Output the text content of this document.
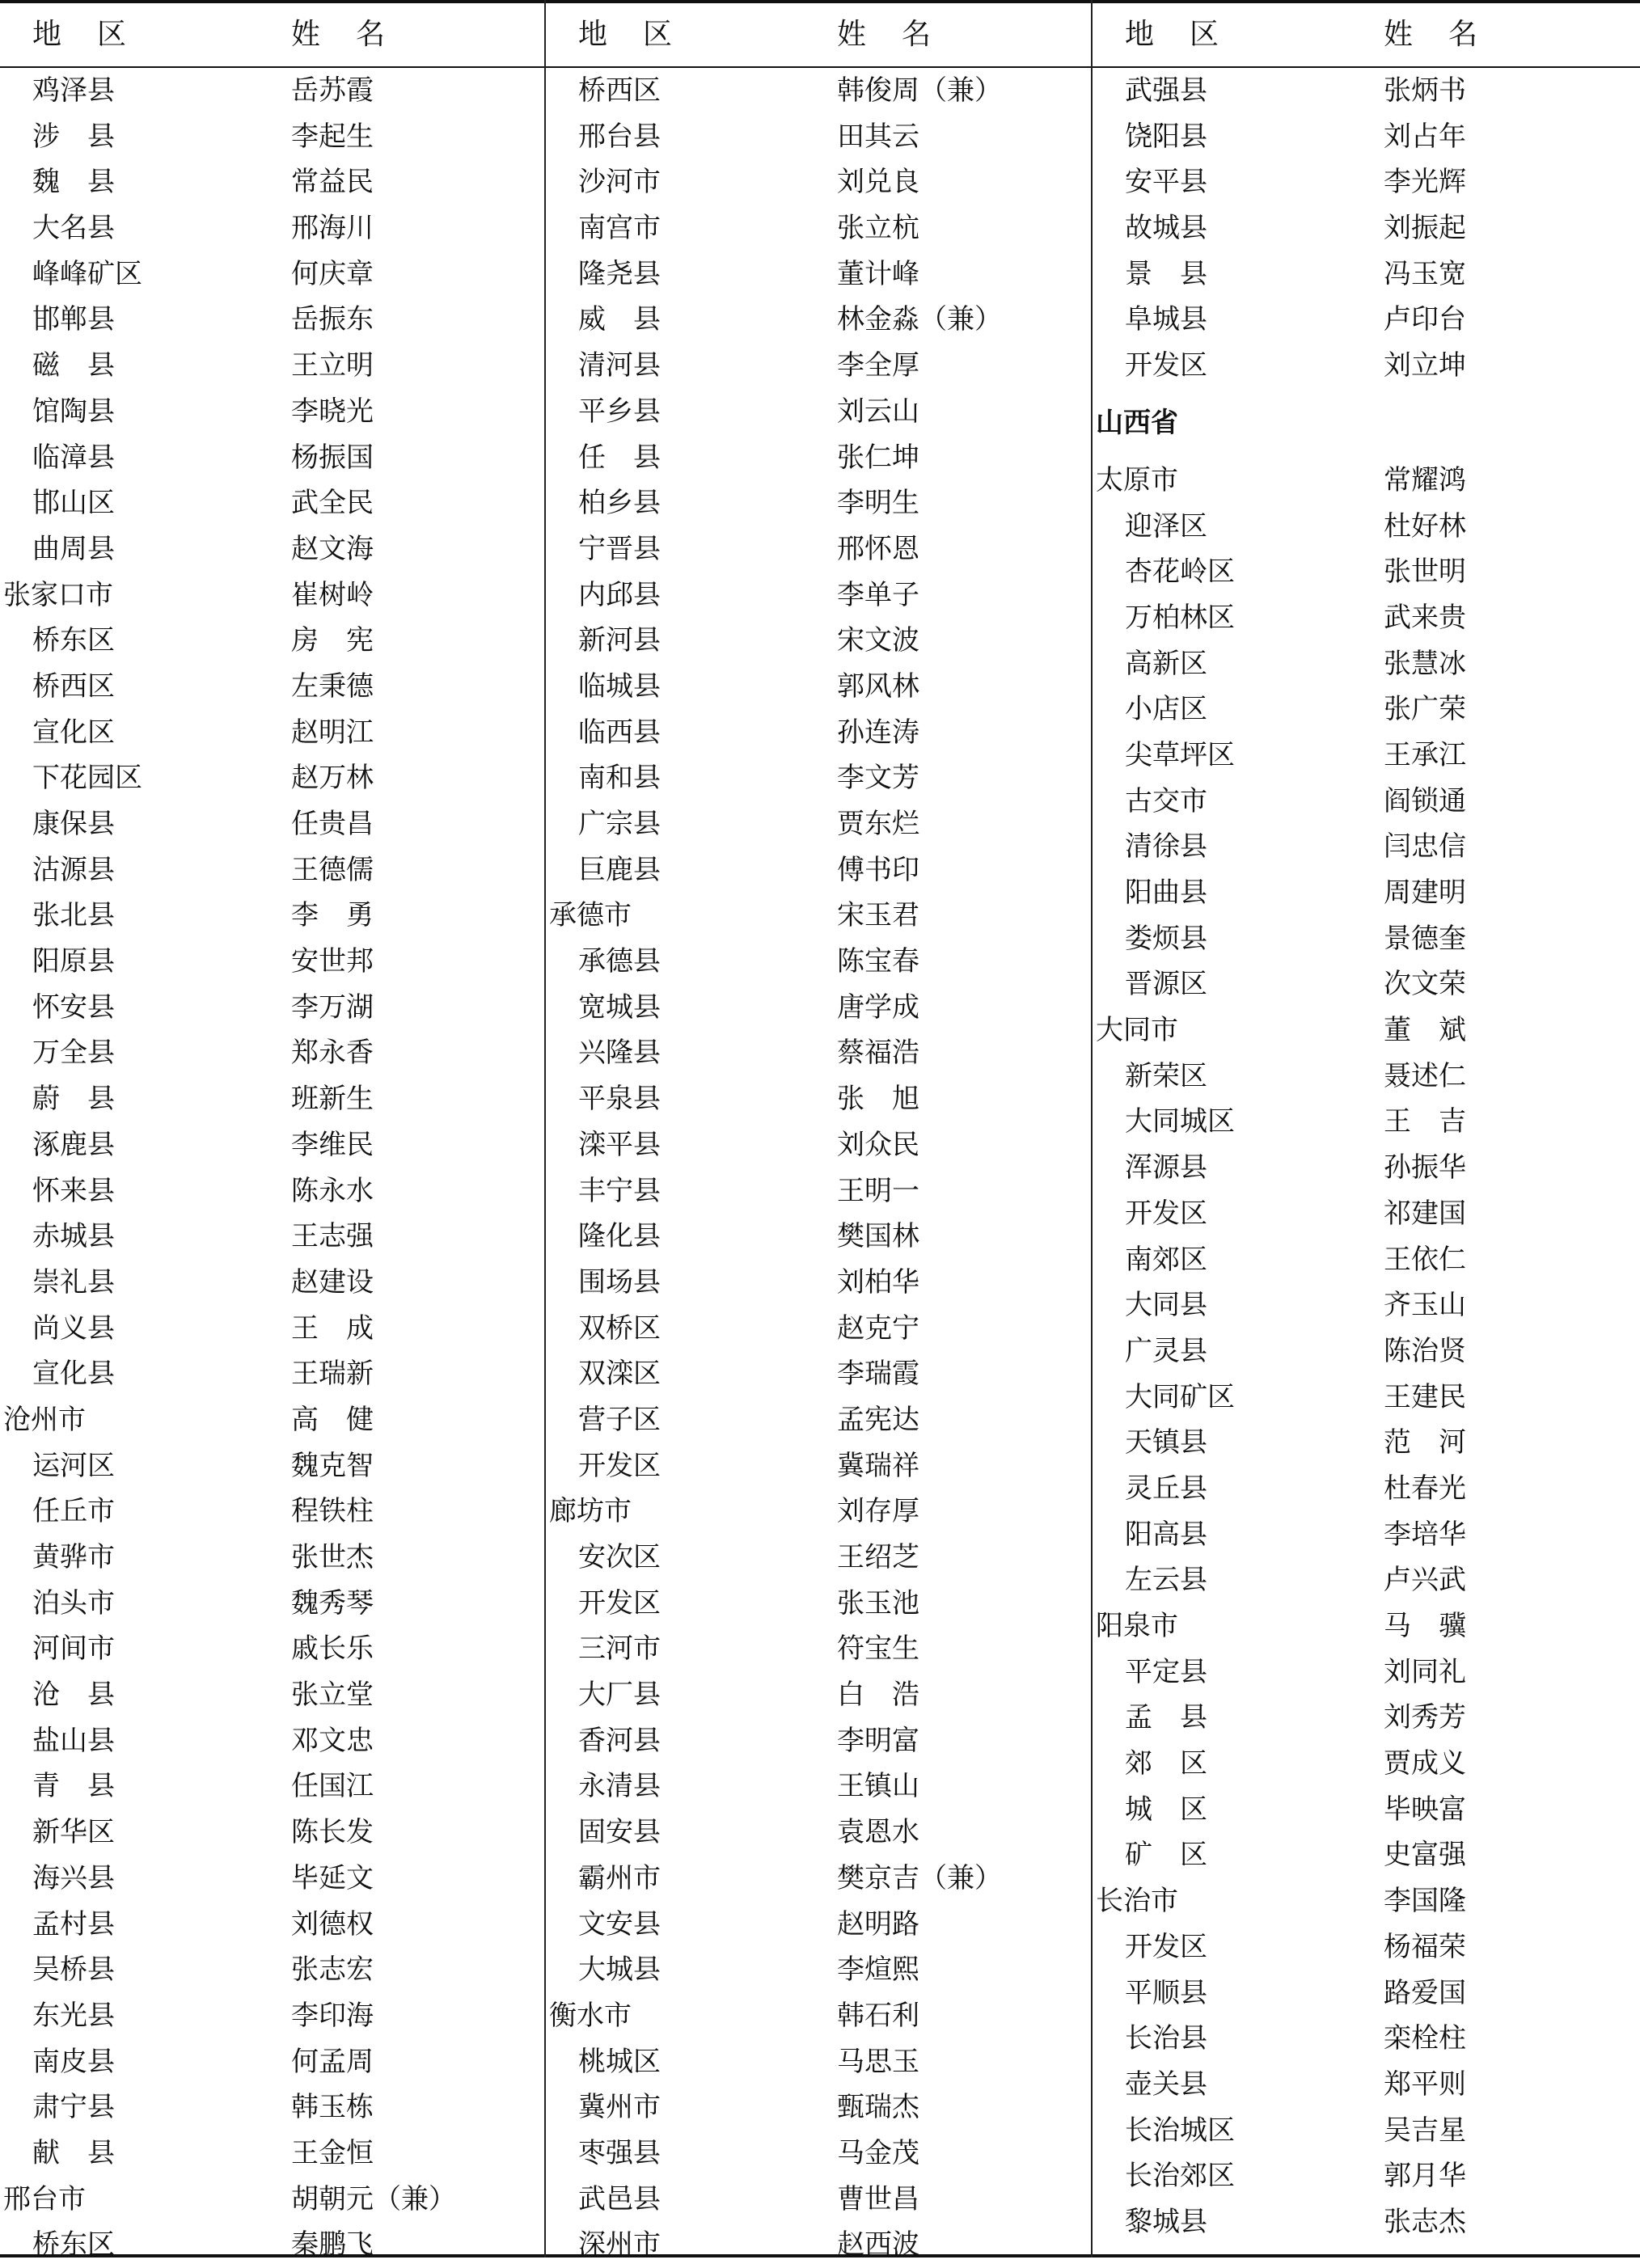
地区	姓名
鸡泽县	岳苏霞
涉　县	李起生
魏　县	常益民
大名县	邢海川
峰峰矿区	何庆章
邯郸县	岳振东
磁　县	王立明
馆陶县	李晓光
临漳县	杨振国
邯山区	武全民
曲周县	赵文海
张家口市	崔树岭
桥东区	房　宪
桥西区	左秉德
宣化区	赵明江
下花园区	赵万林
康保县	任贵昌
沽源县	王德儒
张北县	李　勇
阳原县	安世邦
怀安县	李万湖
万全县	郑永香
蔚　县	班新生
涿鹿县	李维民
怀来县	陈永水
赤城县	王志强
崇礼县	赵建设
尚义县	王　成
宣化县	王瑞新
沧州市	高　健
运河区	魏克智
任丘市	程铁柱
黄骅市	张世杰
泊头市	魏秀琴
河间市	戚长乐
沧　县	张立堂
盐山县	邓文忠
青　县	任国江
新华区	陈长发
海兴县	毕延文
孟村县	刘德权
吴桥县	张志宏
东光县	李印海
南皮县	何孟周
肃宁县	韩玉栋
献　县	王金恒
邢台市	胡朝元（兼）
桥东区	秦鹏飞
地区	姓名
桥西区	韩俊周（兼）
邢台县	田其云
沙河市	刘兑良
南宫市	张立杭
隆尧县	董计峰
威　县	林金淼（兼）
清河县	李全厚
平乡县	刘云山
任　县	张仁坤
柏乡县	李明生
宁晋县	邢怀恩
内邱县	李单子
新河县	宋文波
临城县	郭风林
临西县	孙连涛
南和县	李文芳
广宗县	贾东烂
巨鹿县	傅书印
承德市	宋玉君
承德县	陈宝春
宽城县	唐学成
兴隆县	蔡福浩
平泉县	张　旭
滦平县	刘众民
丰宁县	王明一
隆化县	樊国林
围场县	刘柏华
双桥区	赵克宁
双滦区	李瑞霞
营子区	孟宪达
开发区	冀瑞祥
廊坊市	刘存厚
安次区	王绍芝
开发区	张玉池
三河市	符宝生
大厂县	白　浩
香河县	李明富
永清县	王镇山
固安县	袁恩水
霸州市	樊京吉（兼）
文安县	赵明路
大城县	李煊熙
衡水市	韩石利
桃城区	马思玉
冀州市	甄瑞杰
枣强县	马金茂
武邑县	曹世昌
深州市	赵西波
地区	姓名
武强县	张炳书
饶阳县	刘占年
安平县	李光辉
故城县	刘振起
景　县	冯玉宽
阜城县	卢印台
开发区	刘立坤
山西省
太原市	常耀鸿
迎泽区	杜好林
杏花岭区	张世明
万柏林区	武来贵
高新区	张慧冰
小店区	张广荣
尖草坪区	王承江
古交市	阎锁通
清徐县	闫忠信
阳曲县	周建明
娄烦县	景德奎
晋源区	次文荣
大同市	董　斌
新荣区	聂述仁
大同城区	王　吉
浑源县	孙振华
开发区	祁建国
南郊区	王依仁
大同县	齐玉山
广灵县	陈治贤
大同矿区	王建民
天镇县	范　河
灵丘县	杜春光
阳高县	李培华
左云县	卢兴武
阳泉市	马　骥
平定县	刘同礼
孟　县	刘秀芳
郊　区	贾成义
城　区	毕映富
矿　区	史富强
长治市	李国隆
开发区	杨福荣
平顺县	路爱国
长治县	栾栓柱
壶关县	郑平则
长治城区	吴吉星
长治郊区	郭月华
黎城县	张志杰
